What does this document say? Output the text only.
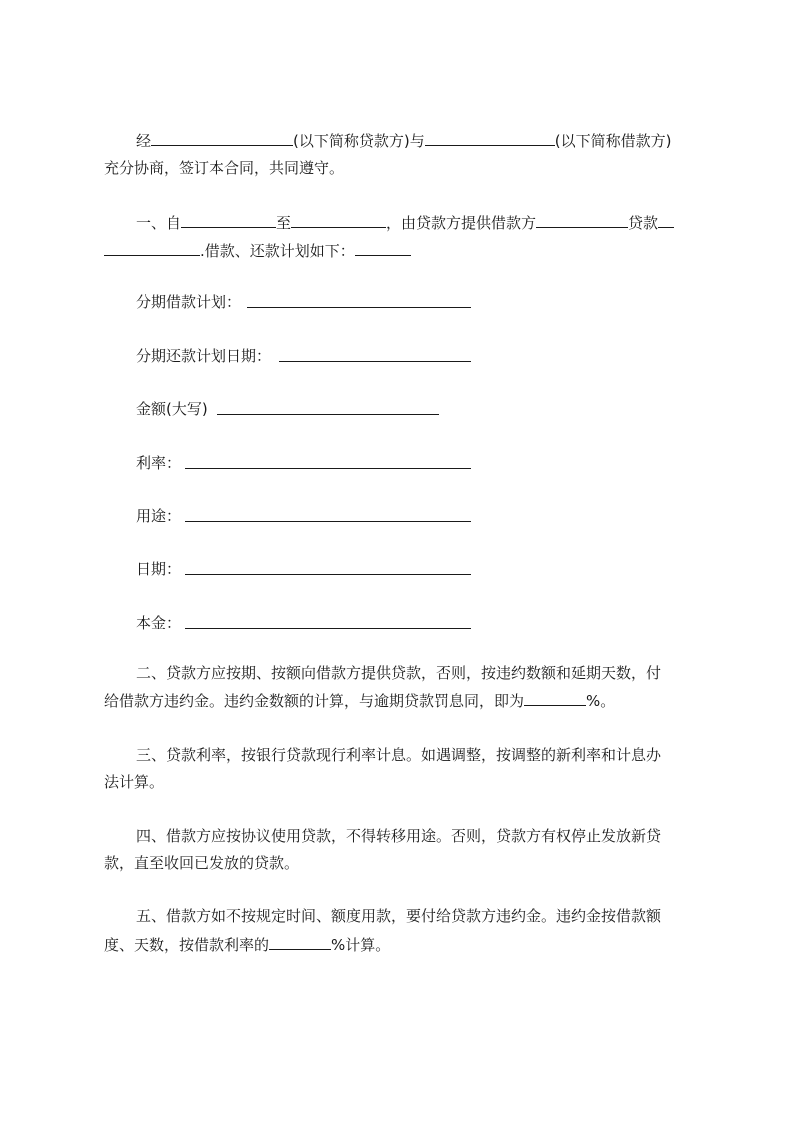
经	(以下简称贷款方)与	(以下简称借款方)
充分协商，签订本合同，共同遵守。
一、自	至	，由贷款方提供借款方	贷款
.借款、还款计划如下：
分期借款计划：
分期还款计划日期：
金额(大写)
利率：
用途：
日期：
本金：
二、贷款方应按期、按额向借款方提供贷款，否则，按违约数额和延期天数，付
给借款方违约金。违约金数额的计算，与逾期贷款罚息同，即为	%。
三、贷款利率，按银行贷款现行利率计息。如遇调整，按调整的新利率和计息办
法计算。
四、借款方应按协议使用贷款，不得转移用途。否则，贷款方有权停止发放新贷
款，直至收回已发放的贷款。
五、借款方如不按规定时间、额度用款，要付给贷款方违约金。违约金按借款额
度、天数，按借款利率的	%计算。
